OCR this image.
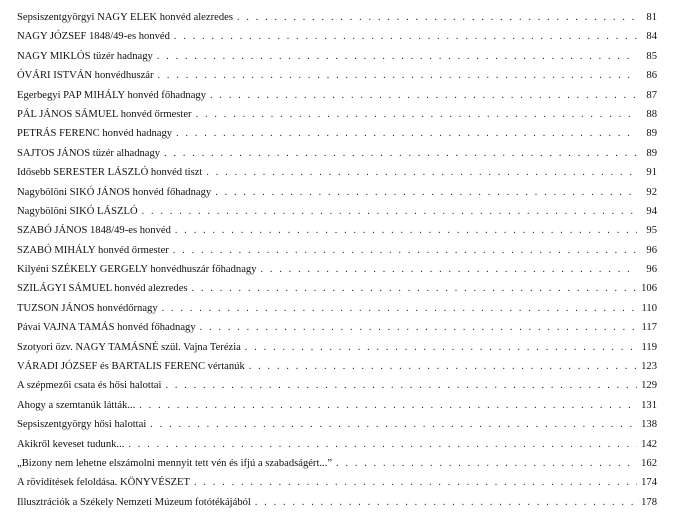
Sepsiszentgyörgyi NAGY ELEK honvéd alezredes . . .	81
NAGY JÓZSEF 1848/49-es honvéd . . .	84
NAGY MIKLÓS tüzér hadnagy . . .	85
ÓVÁRI ISTVÁN honvédhuszár . . .	86
Egerbegyi PAP MIHÁLY honvéd főhadnagy . . .	87
PÁL JÁNOS SÁMUEL honvéd őrmester . . .	88
PETRÁS FERENC honvéd hadnagy . . .	89
SAJTOS JÁNOS tüzér alhadnagy . . .	89
Idősebb SERESTER LÁSZLÓ honvéd tiszt . . .	91
Nagybölöni SIKÓ JÁNOS honvéd főhadnagy . . .	92
Nagybölöni SIKÓ LÁSZLÓ . . .	94
SZABÓ JÁNOS 1848/49-es honvéd . . .	95
SZABÓ MIHÁLY honvéd őrmester . . .	96
Kilyéni SZÉKELY GERGELY honvédhuszár főhadnagy . . .	96
SZILÁGYI SÁMUEL honvéd alezredes . . .	106
TUZSON JÁNOS honvédőrnagy . . .	110
Pávai VAJNA TAMÁS honvéd főhadnagy . . .	117
Szotyori özv. NAGY TAMÁSNÉ szül. Vajna Terézia . . .	119
VÁRADI JÓZSEF és BARTALIS FERENC vértanúk . . .	123
A szépmezői csata és hősi halottai . . .	129
Ahogy a szemtanúk látták... . . .	131
Sepsiszentgyörgy hősi halottai . . .	138
Akikről keveset tudunk... . . .	142
„Bizony nem lehetne elszámolni mennyit tett vén és ifjú a szabadságért...” . . .	162
A rövidítések feloldása. KÖNYVÉSZET . . .	174
Illusztrációk a Székely Nemzeti Múzeum fotótékájából . . .	178
